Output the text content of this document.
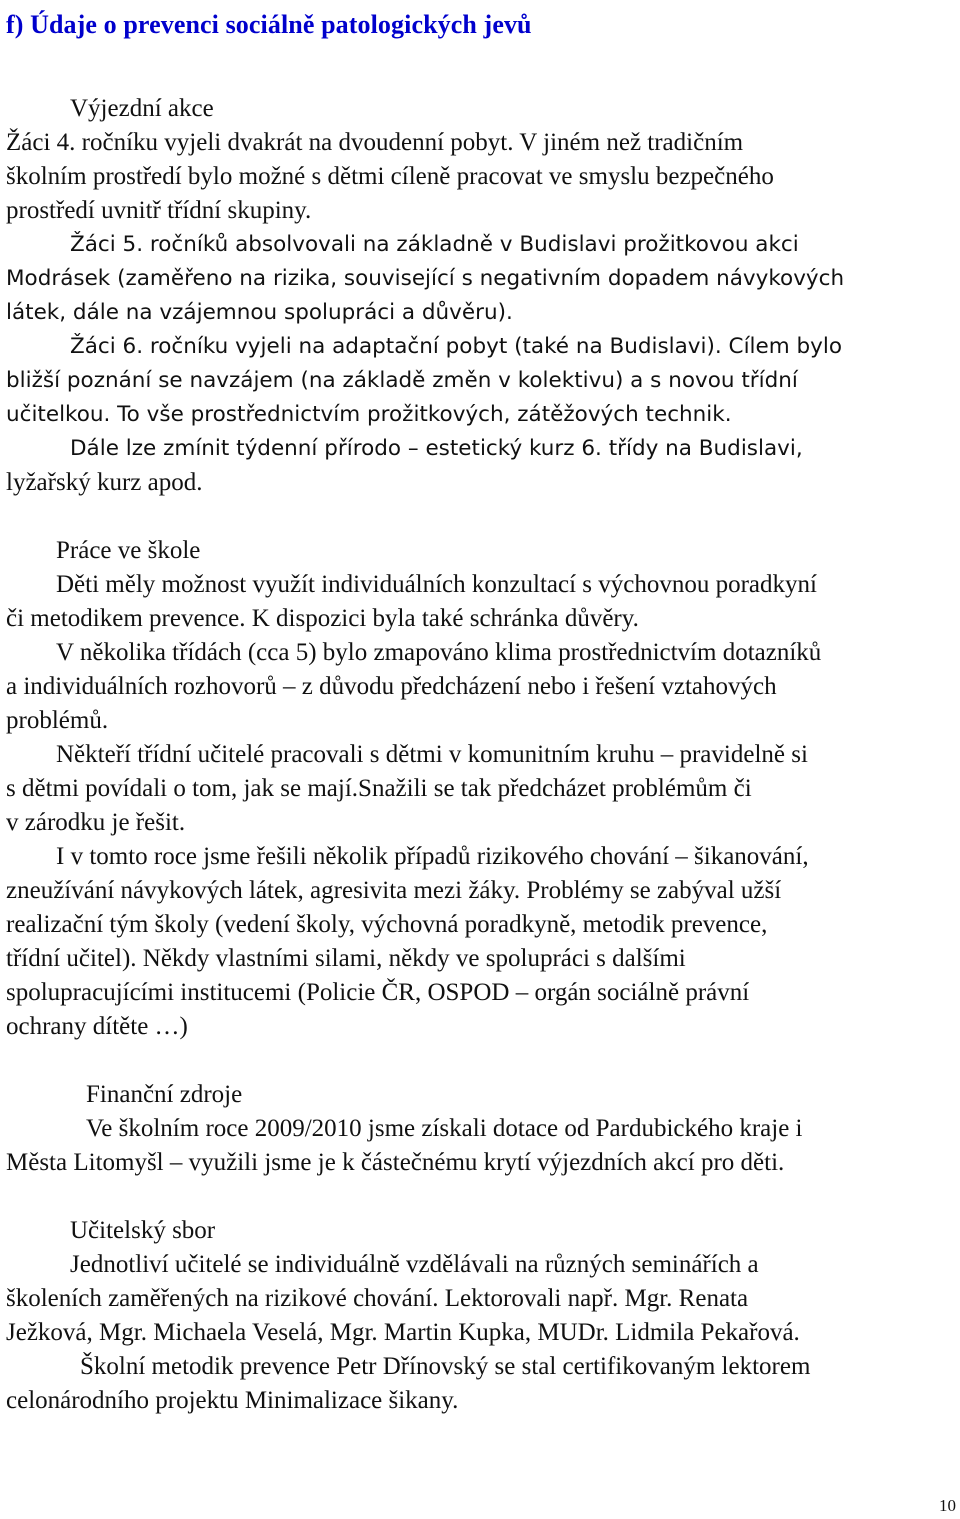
f) Údaje o prevenci sociálně patologických jevů
Výjezdní akce
Žáci 4. ročníku vyjeli dvakrát na dvoudenní pobyt. V jiném než tradičním
školním prostředí bylo možné s dětmi cíleně pracovat ve smyslu bezpečného
prostředí uvnitř třídní skupiny.
Žáci 5. ročníků absolvovali na základně v Budislavi prožitkovou akci
Modrásek (zaměřeno na rizika, související s negativním dopadem návykových
látek, dále na vzájemnou spolupráci a důvěru).
Žáci 6. ročníku vyjeli na adaptační pobyt (také na Budislavi). Cílem bylo
bližší poznání se navzájem (na základě změn v kolektivu) a s novou třídní
učitelkou. To vše prostřednictvím prožitkových, zátěžových technik.
Dále lze zmínit týdenní přírodo – estetický kurz 6. třídy na Budislavi,
lyžařský kurz apod.
Práce ve škole
Děti měly možnost využít individuálních konzultací s výchovnou poradkyní
či metodikem prevence. K dispozici byla také schránka důvěry.
V několika třídách (cca 5) bylo zmapováno klima prostřednictvím dotazníků
a individuálních rozhovorů – z důvodu předcházení nebo i řešení vztahových
problémů.
Někteří třídní učitelé pracovali s dětmi v komunitním kruhu – pravidelně si
s dětmi povídali o tom, jak se mají.Snažili se tak předcházet problémům či
v zárodku je řešit.
I v tomto roce jsme řešili několik případů rizikového chování – šikanování,
zneužívání návykových látek, agresivita mezi žáky. Problémy se zabýval užší
realizační tým školy (vedení školy, výchovná poradkyně, metodik prevence,
třídní učitel). Někdy vlastními silami, někdy ve spolupráci s dalšími
spolupracujícími institucemi (Policie ČR, OSPOD – orgán sociálně právní
ochrany dítěte …)
Finanční zdroje
Ve školním roce 2009/2010 jsme získali dotace od Pardubického kraje i
Města Litomyšl – využili jsme je k částečnému krytí výjezdních akcí pro děti.
Učitelský sbor
Jednotliví učitelé se individuálně vzdělávali na různých seminářích a
školeních zaměřených na rizikové chování. Lektorovali např. Mgr. Renata
Ježková, Mgr. Michaela Veselá, Mgr. Martin Kupka, MUDr. Lidmila Pekařová.
Školní metodik prevence Petr Dřínovský se stal certifikovaným lektorem
celonárodního projektu Minimalizace šikany.
10
